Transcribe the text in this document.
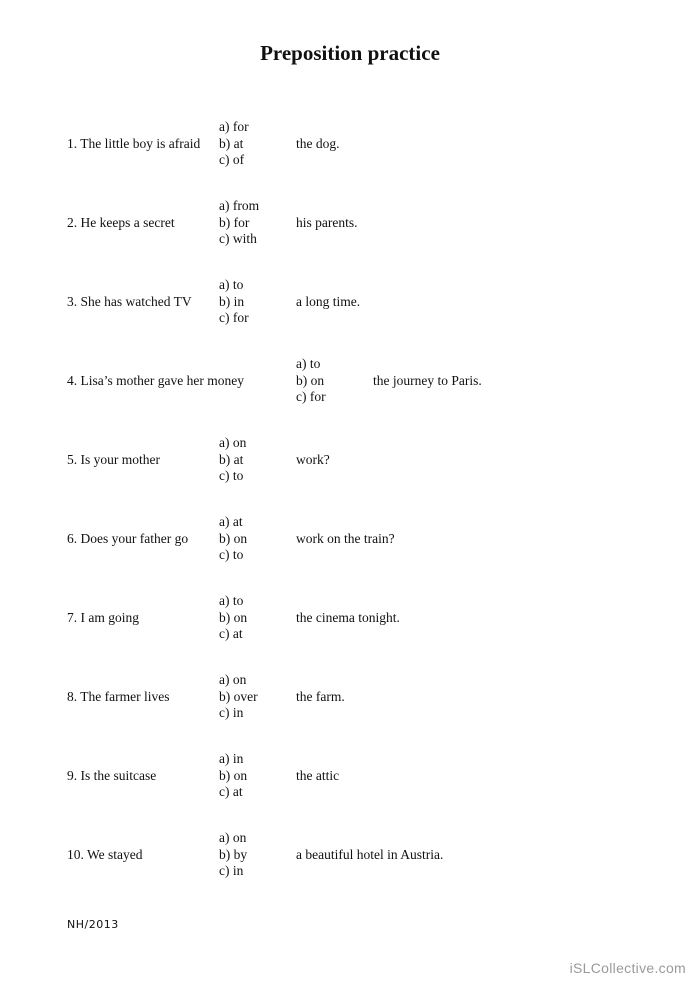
Preposition practice
1. The little boy is afraid
a) for
b) at
c) of
the dog.
2. He keeps a secret
a) from
b) for
c) with
his parents.
3. She has watched TV
a) to
b) in
c) for
a long time.
4. Lisa’s mother gave her money
a) to
b) on
c) for
the journey to Paris.
5. Is your mother
a) on
b) at
c) to
work?
6. Does your father go
a) at
b) on
c) to
work on the train?
7. I am going
a) to
b) on
c) at
the cinema tonight.
8. The farmer lives
a) on
b) over
c) in
the farm.
9. Is the suitcase
a) in
b) on
c) at
the attic
10. We stayed
a) on
b) by
c) in
a beautiful hotel in Austria.
NH/2013
iSLCollective.com
